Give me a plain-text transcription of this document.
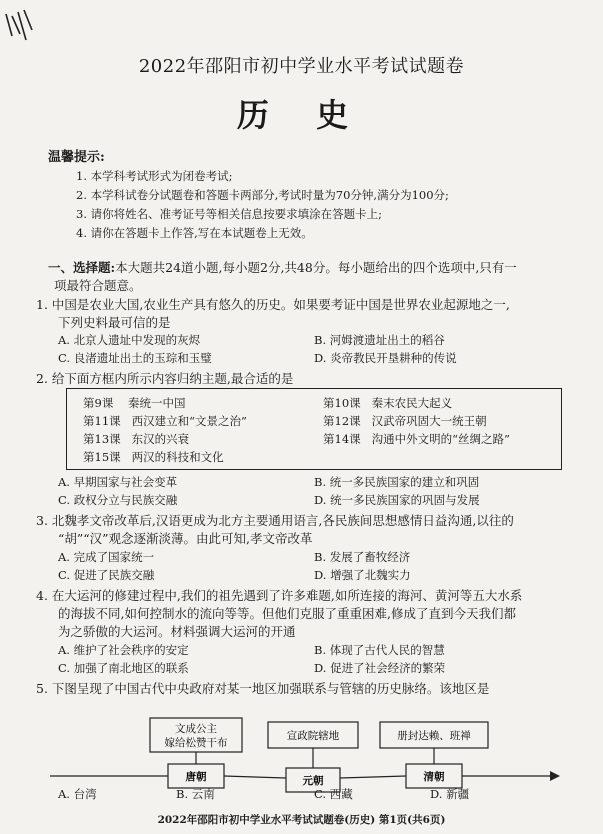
2022年邵阳市初中学业水平考试试题卷
历 史
温馨提示:
1. 本学科考试形式为闭卷考试;
2. 本学科试卷分试题卷和答题卡两部分,考试时量为70分钟,满分为100分;
3. 请你将姓名、准考证号等相关信息按要求填涂在答题卡上;
4. 请你在答题卡上作答,写在本试题卷上无效。
一、选择题:本大题共24道小题,每小题2分,共48分。每小题给出的四个选项中,只有一
项最符合题意。
1. 中国是农业大国,农业生产具有悠久的历史。如果要考证中国是世界农业起源地之一,
下列史料最可信的是
A. 北京人遗址中发现的灰烬	B. 河姆渡遗址出土的稻谷
C. 良渚遗址出土的玉琮和玉璧	D. 炎帝教民开垦耕种的传说
2. 给下面方框内所示内容归纳主题,最合适的是
第9课 秦统一中国	第10课 秦末农民大起义
第11课 西汉建立和“文景之治”	第12课 汉武帝巩固大一统王朝
第13课 东汉的兴衰	第14课 沟通中外文明的“丝绸之路”
第15课 两汉的科技和文化
A. 早期国家与社会变革	B. 统一多民族国家的建立和巩固
C. 政权分立与民族交融	D. 统一多民族国家的巩固与发展
3. 北魏孝文帝改革后,汉语更成为北方主要通用语言,各民族间思想感情日益沟通,以往的
“胡”“汉”观念逐渐淡薄。由此可知,孝文帝改革
A. 完成了国家统一	B. 发展了畜牧经济
C. 促进了民族交融	D. 增强了北魏实力
4. 在大运河的修建过程中,我们的祖先遇到了许多难题,如所连接的海河、黄河等五大水系
的海拔不同,如何控制水的流向等等。但他们克服了重重困难,修成了直到今天我们都
为之骄傲的大运河。材料强调大运河的开通
A. 维护了社会秩序的安定	B. 体现了古代人民的智慧
C. 加强了南北地区的联系	D. 促进了社会经济的繁荣
5. 下图呈现了中国古代中央政府对某一地区加强联系与管辖的历史脉络。该地区是
文成公主
嫁给松赞干布
宣政院辖地	册封达赖、班禅
唐朝	元朝	清朝
A. 台湾	B. 云南	C. 西藏	D. 新疆
2022年邵阳市初中学业水平考试试题卷(历史) 第1页(共6页)
